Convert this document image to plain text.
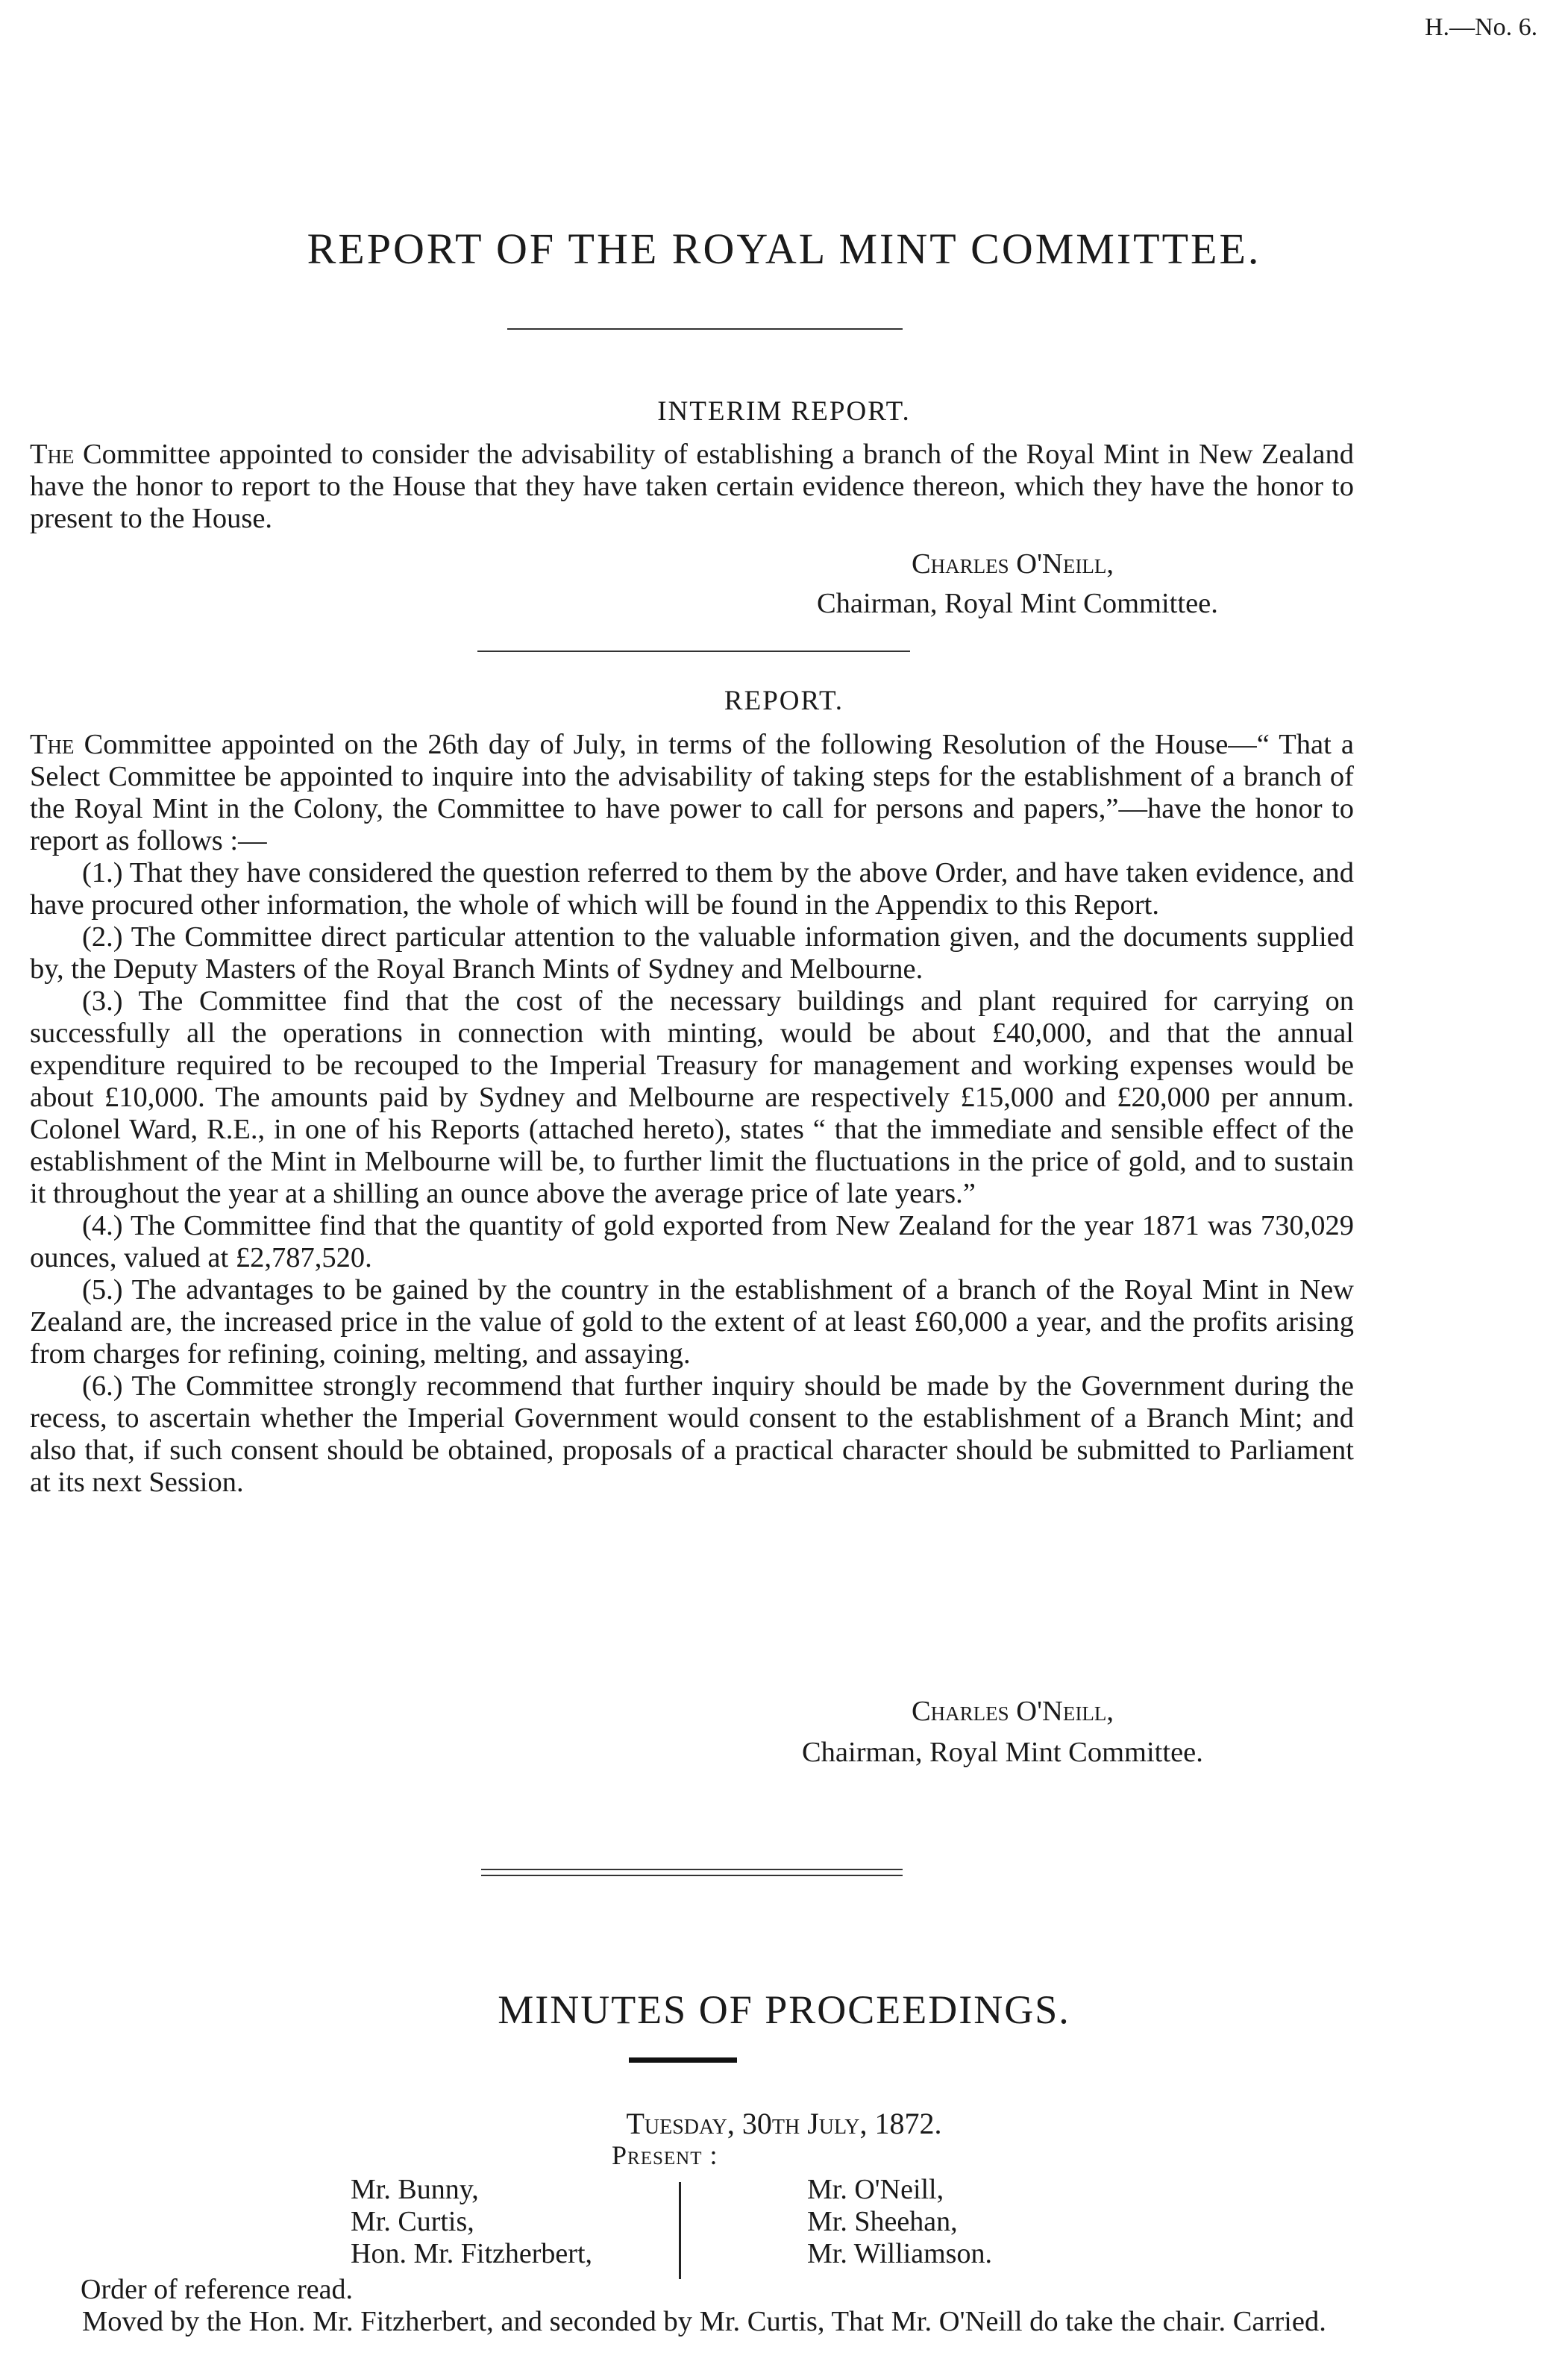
H.—No. 6.
REPORT OF THE ROYAL MINT COMMITTEE.
INTERIM REPORT.

The Committee appointed to consider the advisability of establishing a branch of the Royal Mint in New Zealand have the honor to report to the House that they have taken certain evidence thereon, which they have the honor to present to the House.

Charles O'Neill,
Chairman, Royal Mint Committee.
REPORT.

The Committee appointed on the 26th day of July, in terms of the following Resolution of the House—“ That a Select Committee be appointed to inquire into the advisability of taking steps for the establishment of a branch of the Royal Mint in the Colony, the Committee to have power to call for persons and papers,”—have the honor to report as follows :—

(1.) That they have considered the question referred to them by the above Order, and have taken evidence, and have procured other information, the whole of which will be found in the Appendix to this Report.

(2.) The Committee direct particular attention to the valuable information given, and the documents supplied by, the Deputy Masters of the Royal Branch Mints of Sydney and Melbourne.

(3.) The Committee find that the cost of the necessary buildings and plant required for carrying on successfully all the operations in connection with minting, would be about £40,000, and that the annual expenditure required to be recouped to the Imperial Treasury for management and working expenses would be about £10,000. The amounts paid by Sydney and Melbourne are respectively £15,000 and £20,000 per annum. Colonel Ward, R.E., in one of his Reports (attached hereto), states “ that the immediate and sensible effect of the establishment of the Mint in Melbourne will be, to further limit the fluctuations in the price of gold, and to sustain it throughout the year at a shilling an ounce above the average price of late years.”

(4.) The Committee find that the quantity of gold exported from New Zealand for the year 1871 was 730,029 ounces, valued at £2,787,520.

(5.) The advantages to be gained by the country in the establishment of a branch of the Royal Mint in New Zealand are, the increased price in the value of gold to the extent of at least £60,000 a year, and the profits arising from charges for refining, coining, melting, and assaying.

(6.) The Committee strongly recommend that further inquiry should be made by the Government during the recess, to ascertain whether the Imperial Government would consent to the establishment of a Branch Mint; and also that, if such consent should be obtained, proposals of a practical character should be submitted to Parliament at its next Session.

Charles O'Neill,
Chairman, Royal Mint Committee.
MINUTES OF PROCEEDINGS.
Tuesday, 30th July, 1872.
Present :
Mr. Bunny,
Mr. Curtis,
Hon. Mr. Fitzherbert,
Mr. O'Neill,
Mr. Sheehan,
Mr. Williamson.
Order of reference read.

Moved by the Hon. Mr. Fitzherbert, and seconded by Mr. Curtis, That Mr. O'Neill do take the chair. Carried.
